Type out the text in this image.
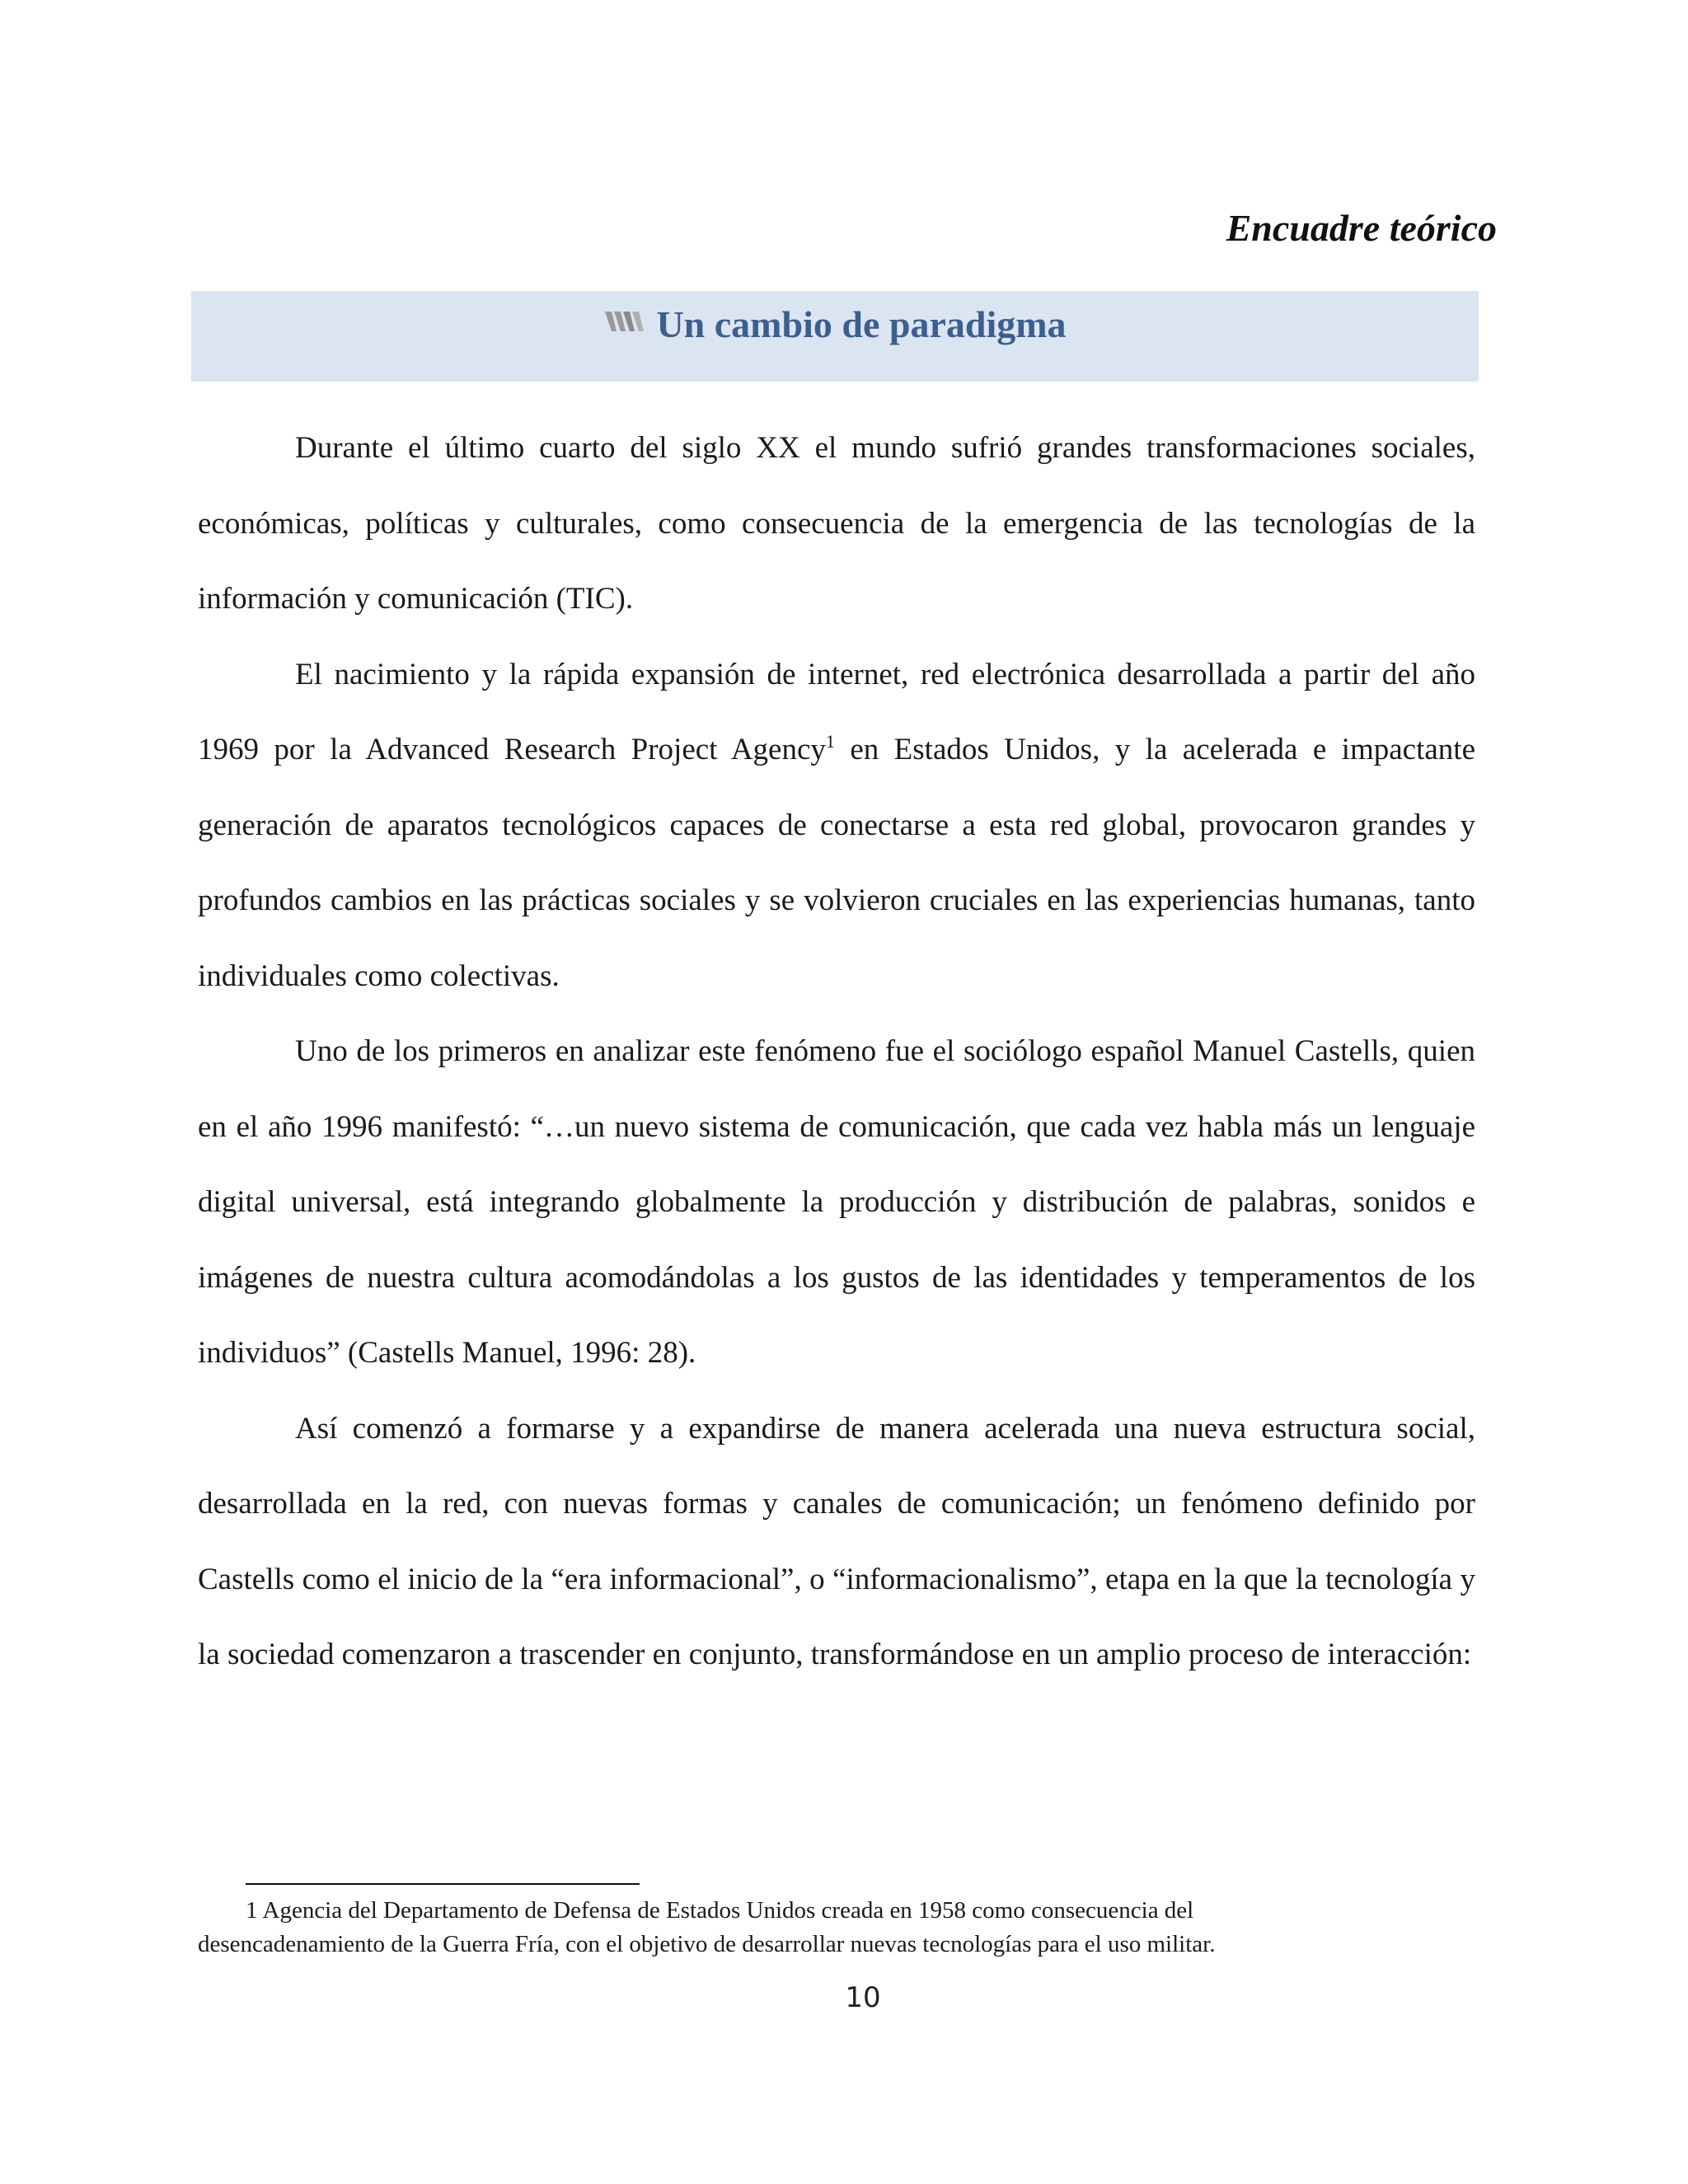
Encuadre teórico
Un cambio de paradigma

Durante el último cuarto del siglo XX el mundo sufrió grandes transformaciones sociales, económicas, políticas y culturales, como consecuencia de la emergencia de las tecnologías de la información y comunicación (TIC).

El nacimiento y la rápida expansión de internet, red electrónica desarrollada a partir del año 1969 por la Advanced Research Project Agency$^1$ en Estados Unidos, y la acelerada e impactante generación de aparatos tecnológicos capaces de conectarse a esta red global, provocaron grandes y profundos cambios en las prácticas sociales y se volvieron cruciales en las experiencias humanas, tanto individuales como colectivas.

Uno de los primeros en analizar este fenómeno fue el sociólogo español Manuel Castells, quien en el año 1996 manifestó: “…un nuevo sistema de comunicación, que cada vez habla más un lenguaje digital universal, está integrando globalmente la producción y distribución de palabras, sonidos e imágenes de nuestra cultura acomodándolas a los gustos de las identidades y temperamentos de los individuos” (Castells Manuel, 1996: 28).

Así comenzó a formarse y a expandirse de manera acelerada una nueva estructura social, desarrollada en la red, con nuevas formas y canales de comunicación; un fenómeno definido por Castells como el inicio de la “era informacional”, o “informacionalismo”, etapa en la que la tecnología y la sociedad comenzaron a trascender en conjunto, transformándose en un amplio proceso de interacción:

1 Agencia del Departamento de Defensa de Estados Unidos creada en 1958 como consecuencia del desencadenamiento de la Guerra Fría, con el objetivo de desarrollar nuevas tecnologías para el uso militar.

10
